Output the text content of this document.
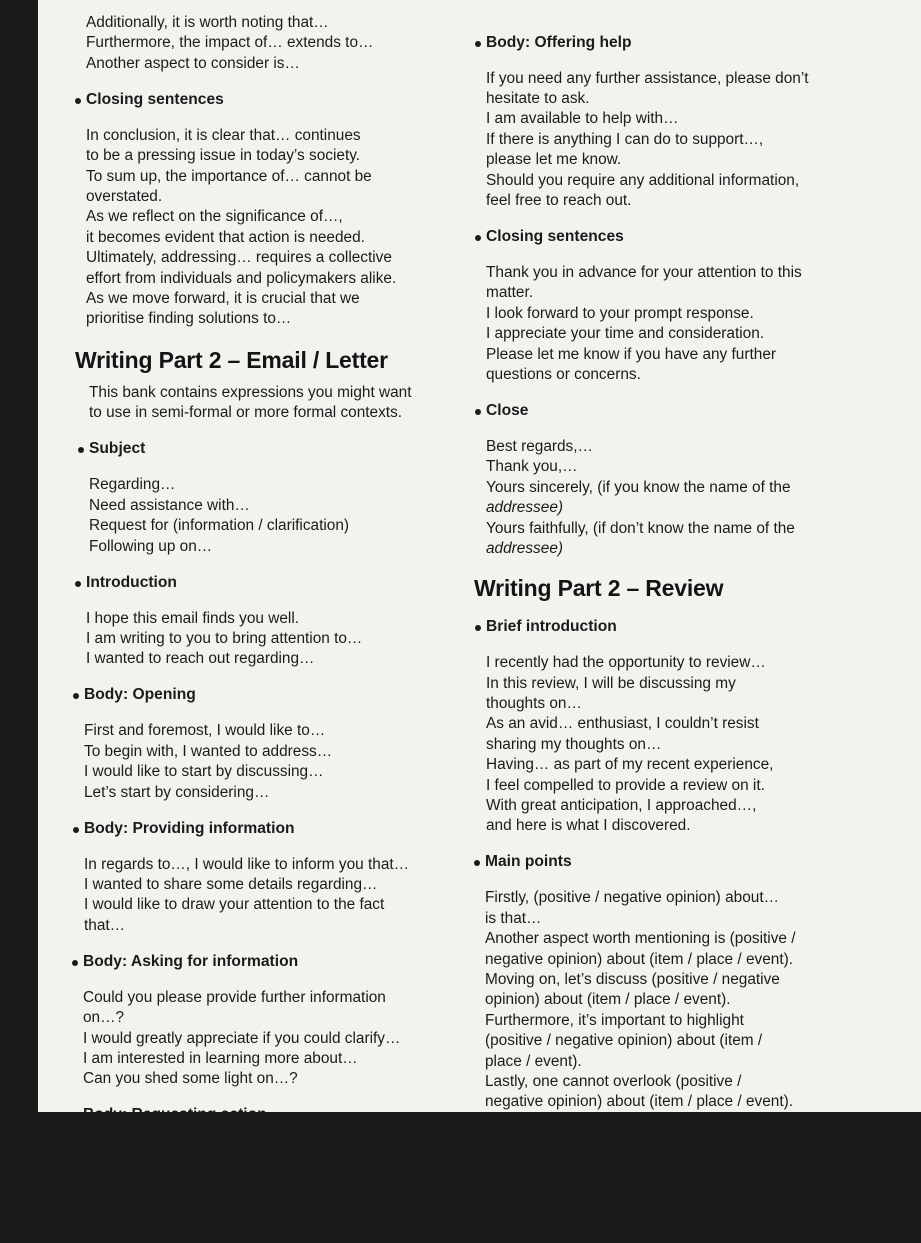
Additionally, it is worth noting that…

Furthermore, the impact of… extends to…

Another aspect to consider is…

Closing sentences

In conclusion, it is clear that… continues

to be a pressing issue in today’s society.

To sum up, the importance of… cannot be

overstated.

As we reflect on the significance of…,

it becomes evident that action is needed.

Ultimately, addressing… requires a collective

effort from individuals and policymakers alike.

As we move forward, it is crucial that we

prioritise finding solutions to…

Writing Part 2 – Email / Letter

This bank contains expressions you might want

to use in semi-formal or more formal contexts.

Subject

Regarding…

Need assistance with…

Request for (information / clarification)

Following up on…

Introduction

I hope this email finds you well.

I am writing to you to bring attention to…

I wanted to reach out regarding…

Body: Opening

First and foremost, I would like to…

To begin with, I wanted to address…

I would like to start by discussing…

Let’s start by considering…

Body: Providing information

In regards to…, I would like to inform you that…

I wanted to share some details regarding…

I would like to draw your attention to the fact

that…

Body: Asking for information

Could you please provide further information

on…?

I would greatly appreciate if you could clarify…

I am interested in learning more about…

Can you shed some light on…?

Body: Requesting action

I kindly request that you…

It would be highly appreciated if you could…

I would be grateful if you could…

Could you please take the necessary steps

to…?

Body: Offering help

If you need any further assistance, please don’t

hesitate to ask.

I am available to help with…

If there is anything I can do to support…,

please let me know.

Should you require any additional information,

feel free to reach out.

Closing sentences

Thank you in advance for your attention to this

matter.

I look forward to your prompt response.

I appreciate your time and consideration.

Please let me know if you have any further

questions or concerns.

Close

Best regards,…

Thank you,…

Yours sincerely, (if you know the name of the

addressee)

Yours faithfully, (if don’t know the name of the

addressee)

Writing Part 2 – Review

Brief introduction

I recently had the opportunity to review…

In this review, I will be discussing my

thoughts on…

As an avid… enthusiast, I couldn’t resist

sharing my thoughts on…

Having… as part of my recent experience,

I feel compelled to provide a review on it.

With great anticipation, I approached…,

and here is what I discovered.

Main points

Firstly, (positive / negative opinion) about…

is that…

Another aspect worth mentioning is (positive /

negative opinion) about (item / place / event).

Moving on, let’s discuss (positive / negative

opinion) about (item / place / event).

Furthermore, it’s important to highlight

(positive / negative opinion) about (item /

place / event).

Lastly, one cannot overlook (positive /

negative opinion) about (item / place / event).

Positive opinions

Undoubtedly,… has a number of impressive

features.

One of the things I loved most about… was…
